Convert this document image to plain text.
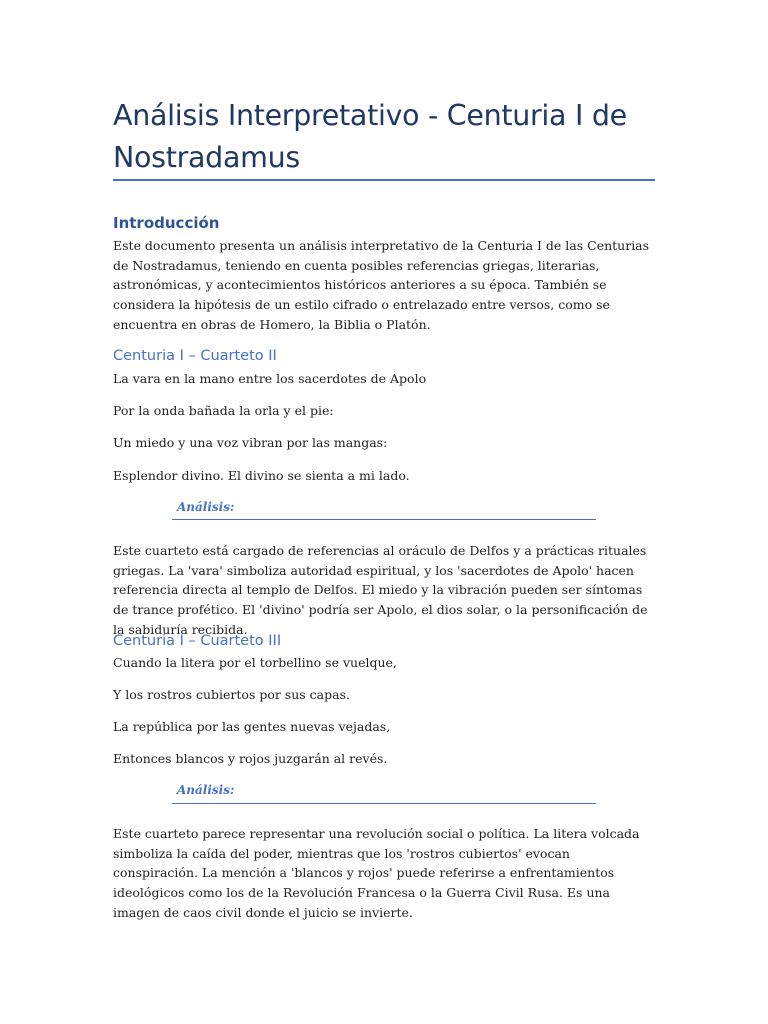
Análisis Interpretativo - Centuria I de Nostradamus
Introducción

Este documento presenta un análisis interpretativo de la Centuria I de las Centurias de Nostradamus, teniendo en cuenta posibles referencias griegas, literarias, astronómicas, y acontecimientos históricos anteriores a su época. También se considera la hipótesis de un estilo cifrado o entrelazado entre versos, como se encuentra en obras de Homero, la Biblia o Platón.

Centuria I – Cuarteto II

La vara en la mano entre los sacerdotes de Apolo

Por la onda bañada la orla y el pie:

Un miedo y una voz vibran por las mangas:

Esplendor divino. El divino se sienta a mi lado.

Análisis:

Este cuarteto está cargado de referencias al oráculo de Delfos y a prácticas rituales griegas. La 'vara' simboliza autoridad espiritual, y los 'sacerdotes de Apolo' hacen referencia directa al templo de Delfos. El miedo y la vibración pueden ser síntomas de trance profético. El 'divino' podría ser Apolo, el dios solar, o la personificación de la sabiduría recibida.

Centuria I – Cuarteto III

Cuando la litera por el torbellino se vuelque,

Y los rostros cubiertos por sus capas.

La república por las gentes nuevas vejadas,

Entonces blancos y rojos juzgarán al revés.

Análisis:

Este cuarteto parece representar una revolución social o política. La litera volcada simboliza la caída del poder, mientras que los 'rostros cubiertos' evocan conspiración. La mención a 'blancos y rojos' puede referirse a enfrentamientos ideológicos como los de la Revolución Francesa o la Guerra Civil Rusa. Es una imagen de caos civil donde el juicio se invierte.
